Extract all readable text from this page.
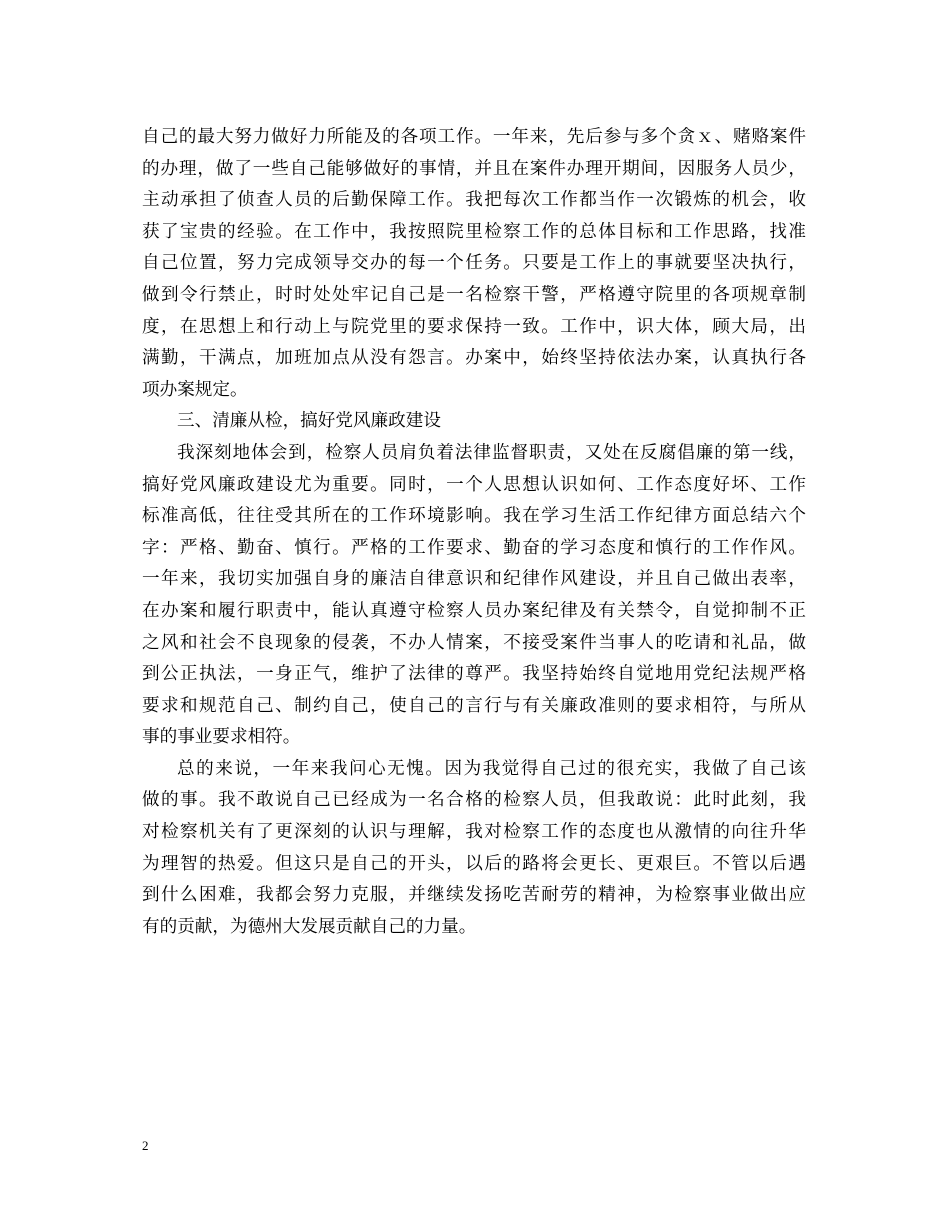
自己的最大努力做好力所能及的各项工作。一年来，先后参与多个贪ｘ、赌赂案件
的办理，做了一些自己能够做好的事情，并且在案件办理开期间，因服务人员少，
主动承担了侦查人员的后勤保障工作。我把每次工作都当作一次锻炼的机会，收
获了宝贵的经验。在工作中，我按照院里检察工作的总体目标和工作思路，找准
自己位置，努力完成领导交办的每一个任务。只要是工作上的事就要坚决执行，
做到令行禁止，时时处处牢记自己是一名检察干警，严格遵守院里的各项规章制
度，在思想上和行动上与院党里的要求保持一致。工作中，识大体，顾大局，出
满勤，干满点，加班加点从没有怨言。办案中，始终坚持依法办案，认真执行各
项办案规定。
三、清廉从检，搞好党风廉政建设
我深刻地体会到，检察人员肩负着法律监督职责，又处在反腐倡廉的第一线，
搞好党风廉政建设尤为重要。同时，一个人思想认识如何、工作态度好坏、工作
标准高低，往往受其所在的工作环境影响。我在学习生活工作纪律方面总结六个
字：严格、勤奋、慎行。严格的工作要求、勤奋的学习态度和慎行的工作作风。
一年来，我切实加强自身的廉洁自律意识和纪律作风建设，并且自己做出表率，
在办案和履行职责中，能认真遵守检察人员办案纪律及有关禁令，自觉抑制不正
之风和社会不良现象的侵袭，不办人情案，不接受案件当事人的吃请和礼品，做
到公正执法，一身正气，维护了法律的尊严。我坚持始终自觉地用党纪法规严格
要求和规范自己、制约自己，使自己的言行与有关廉政准则的要求相符，与所从
事的事业要求相符。
总的来说，一年来我问心无愧。因为我觉得自己过的很充实，我做了自己该
做的事。我不敢说自己已经成为一名合格的检察人员，但我敢说：此时此刻，我
对检察机关有了更深刻的认识与理解，我对检察工作的态度也从激情的向往升华
为理智的热爱。但这只是自己的开头，以后的路将会更长、更艰巨。不管以后遇
到什么困难，我都会努力克服，并继续发扬吃苦耐劳的精神，为检察事业做出应
有的贡献，为德州大发展贡献自己的力量。
2
